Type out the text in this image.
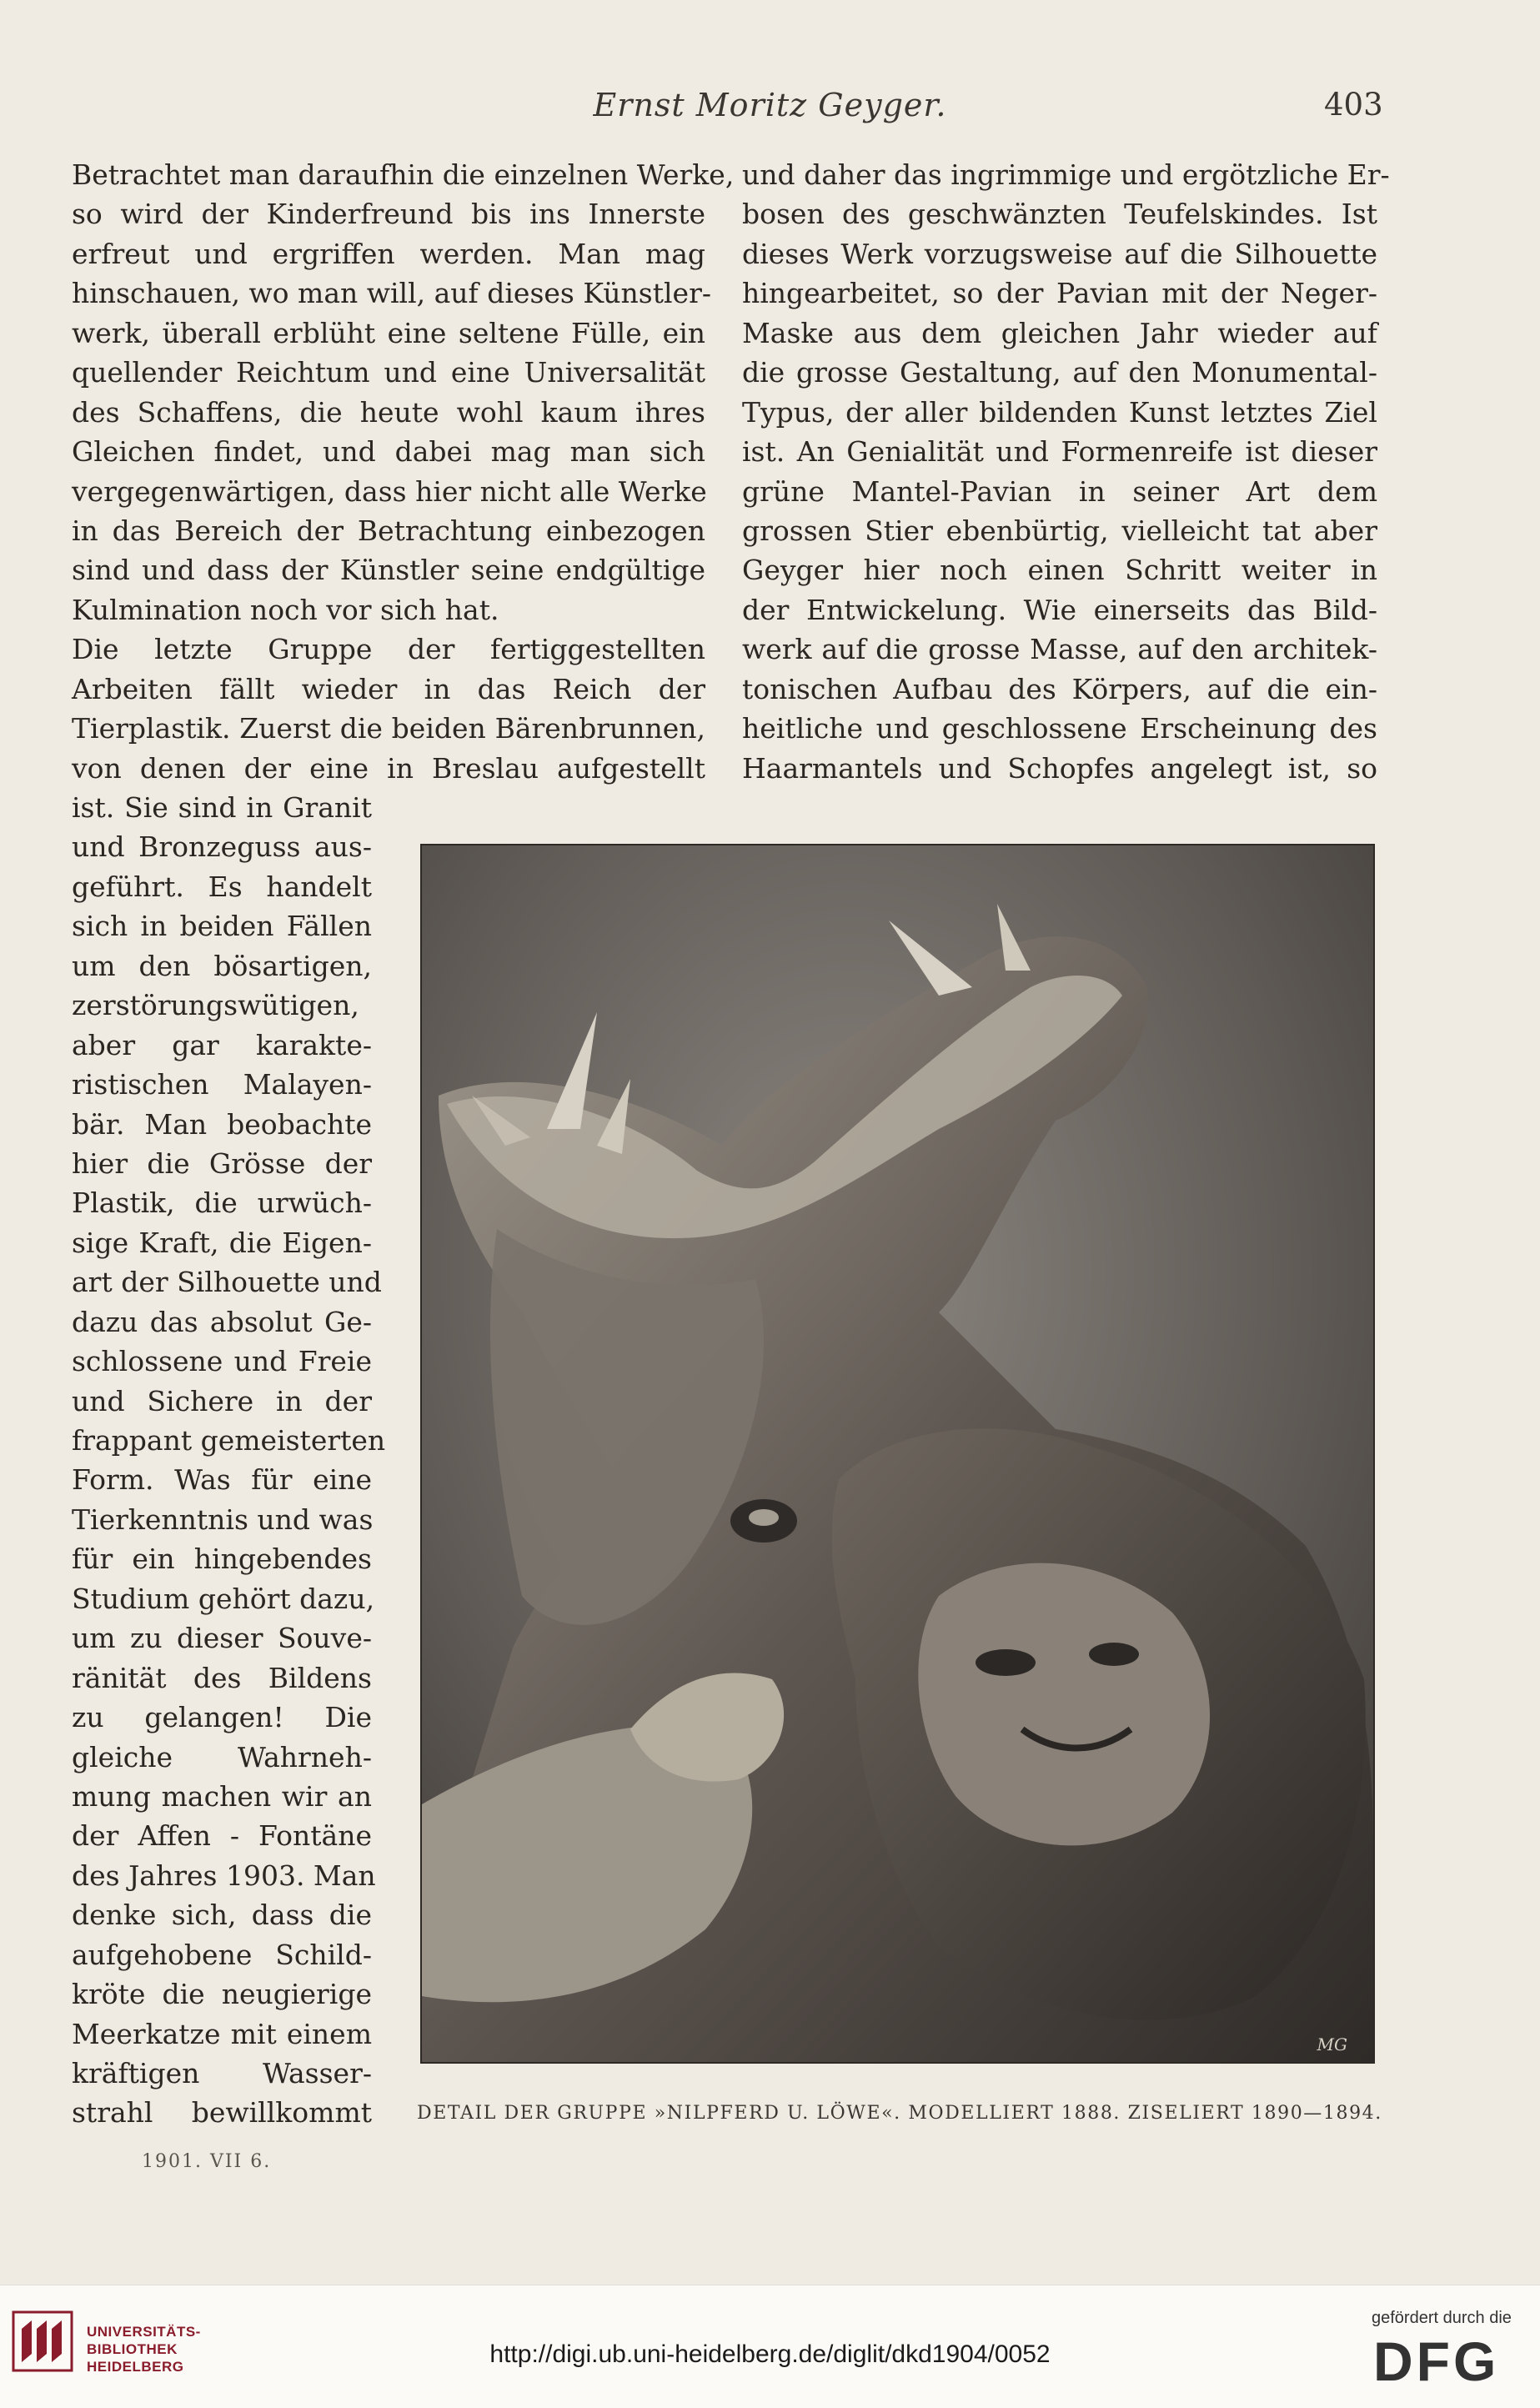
Ernst Moritz Geyger.	403
Betrachtet man daraufhin die einzelnen Werke,
so wird der Kinderfreund bis ins Innerste
erfreut und ergriffen werden. Man mag
hinschauen, wo man will, auf dieses Künstler-
werk, überall erblüht eine seltene Fülle, ein
quellender Reichtum und eine Universalität
des Schaffens, die heute wohl kaum ihres
Gleichen findet, und dabei mag man sich
vergegenwärtigen, dass hier nicht alle Werke
in das Bereich der Betrachtung einbezogen
sind und dass der Künstler seine endgültige
Kulmination noch vor sich hat.
Die letzte Gruppe der fertiggestellten
Arbeiten fällt wieder in das Reich der
Tierplastik. Zuerst die beiden Bärenbrunnen,
von denen der eine in Breslau aufgestellt
und daher das ingrimmige und ergötzliche Er-
bosen des geschwänzten Teufelskindes. Ist
dieses Werk vorzugsweise auf die Silhouette
hingearbeitet, so der Pavian mit der Neger-
Maske aus dem gleichen Jahr wieder auf
die grosse Gestaltung, auf den Monumental-
Typus, der aller bildenden Kunst letztes Ziel
ist. An Genialität und Formenreife ist dieser
grüne Mantel-Pavian in seiner Art dem
grossen Stier ebenbürtig, vielleicht tat aber
Geyger hier noch einen Schritt weiter in
der Entwickelung. Wie einerseits das Bild-
werk auf die grosse Masse, auf den architek-
tonischen Aufbau des Körpers, auf die ein-
heitliche und geschlossene Erscheinung des
Haarmantels und Schopfes angelegt ist, so
ist. Sie sind in Granit
und Bronzeguss aus-
geführt. Es handelt
sich in beiden Fällen
um den bösartigen,
zerstörungswütigen,
aber gar karakte-
ristischen Malayen-
bär. Man beobachte
hier die Grösse der
Plastik, die urwüch-
sige Kraft, die Eigen-
art der Silhouette und
dazu das absolut Ge-
schlossene und Freie
und Sichere in der
frappant gemeisterten
Form. Was für eine
Tierkenntnis und was
für ein hingebendes
Studium gehört dazu,
um zu dieser Souve-
ränität des Bildens
zu gelangen! Die
gleiche Wahrneh-
mung machen wir an
der Affen - Fontäne
des Jahres 1903. Man
denke sich, dass die
aufgehobene Schild-
kröte die neugierige
Meerkatze mit einem
kräftigen Wasser-
strahl bewillkommt
MG
DETAIL DER GRUPPE »NILPFERD U. LÖWE«. MODELLIERT 1888. ZISELIERT 1890—1894.
1901. VII 6.
UNIVERSITÄTS-
BIBLIOTHEK
HEIDELBERG	http://digi.ub.uni-heidelberg.de/diglit/dkd1904/0052
gefördert durch die
DFG
